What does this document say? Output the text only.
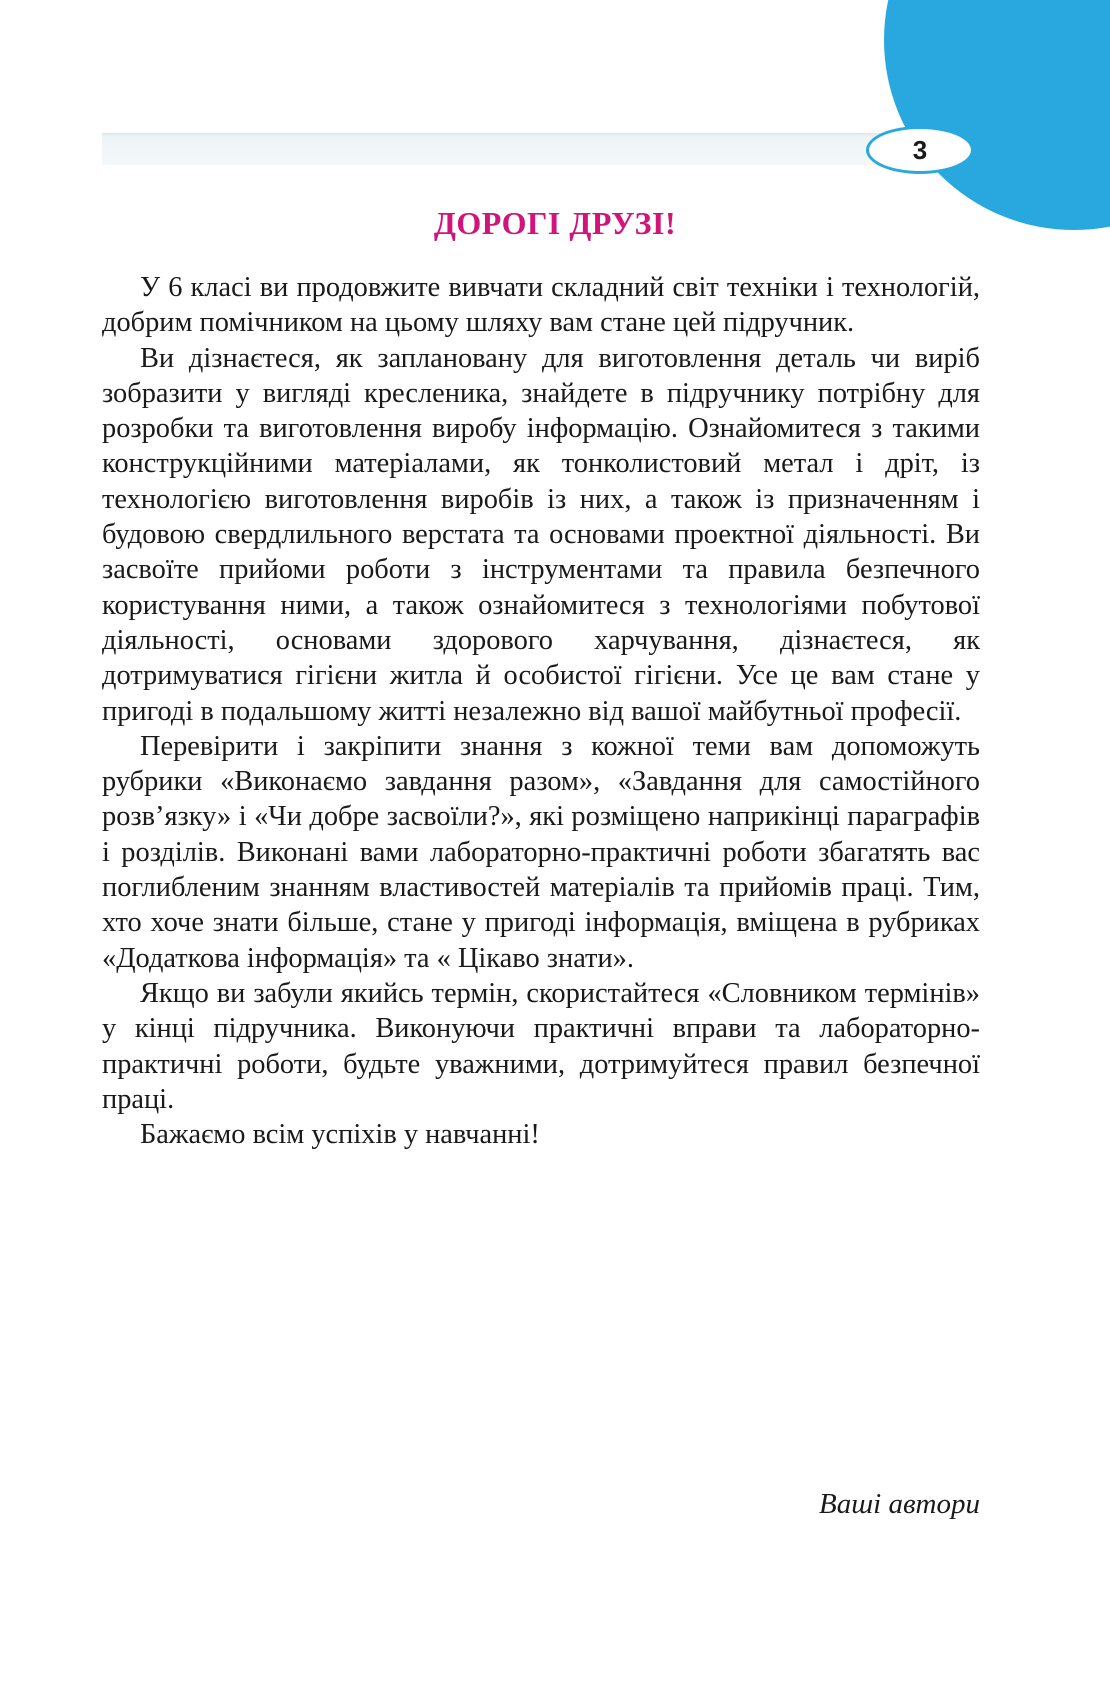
3
ДОРОГІ ДРУЗІ!

У 6 класі ви продовжите вивчати складний світ техніки і технологій, добрим помічником на цьому шляху вам стане цей підручник.

Ви дізнаєтеся, як заплановану для виготовлення деталь чи виріб зобразити у вигляді кресленика, знайдете в підручнику потрібну для розробки та виготовлення виробу інформацію. Ознайомитеся з такими конструкційними матеріалами, як тонколистовий метал і дріт, із технологією виготовлення виробів із них, а також із призначенням і будовою свердлильного верстата та основами проектної діяльності. Ви засвоїте прийоми роботи з інструментами та правила безпечного користування ними, а також ознайомитеся з технологіями побутової діяльності, основами здорового харчування, дізнаєтеся, як дотримуватися гігієни житла й особистої гігієни. Усе це вам стане у пригоді в подальшому житті незалежно від вашої майбутньої професії.

Перевірити і закріпити знання з кожної теми вам допоможуть рубрики «Виконаємо завдання разом», «Завдання для самостійного розв’язку» і «Чи добре засвоїли?», які розміщено наприкінці параграфів і розділів. Виконані вами лабораторно-практичні роботи збагатять вас поглибленим знанням властивостей матеріалів та прийомів праці. Тим, хто хоче знати більше, стане у пригоді інформація, вміщена в рубриках «Додаткова інформація» та « Цікаво знати».

Якщо ви забули якийсь термін, скористайтеся «Словником термінів» у кінці підручника. Виконуючи практичні вправи та лабораторно-практичні роботи, будьте уважними, дотримуйтеся правил безпечної праці.

Бажаємо всім успіхів у навчанні!

Ваші автори
